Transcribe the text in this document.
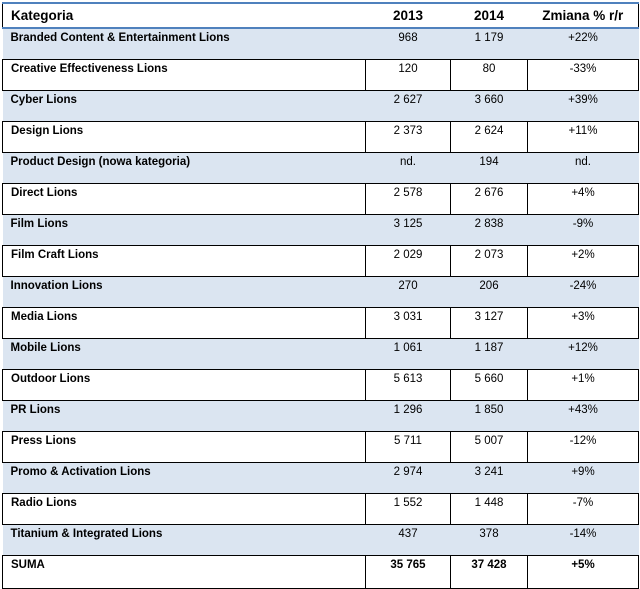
Kategoria	2013	2014	Zmiana % r/r
Branded Content & Entertainment Lions	968	1 179	+22%
Creative Effectiveness Lions	120	80	-33%
Cyber Lions	2 627	3 660	+39%
Design Lions	2 373	2 624	+11%
Product Design (nowa kategoria)	nd.	194	nd.
Direct Lions	2 578	2 676	+4%
Film Lions	3 125	2 838	-9%
Film Craft Lions	2 029	2 073	+2%
Innovation Lions	270	206	-24%
Media Lions	3 031	3 127	+3%
Mobile Lions	1 061	1 187	+12%
Outdoor Lions	5 613	5 660	+1%
PR Lions	1 296	1 850	+43%
Press Lions	5 711	5 007	-12%
Promo & Activation Lions	2 974	3 241	+9%
Radio Lions	1 552	1 448	-7%
Titanium & Integrated Lions	437	378	-14%
SUMA	35 765	37 428	+5%
